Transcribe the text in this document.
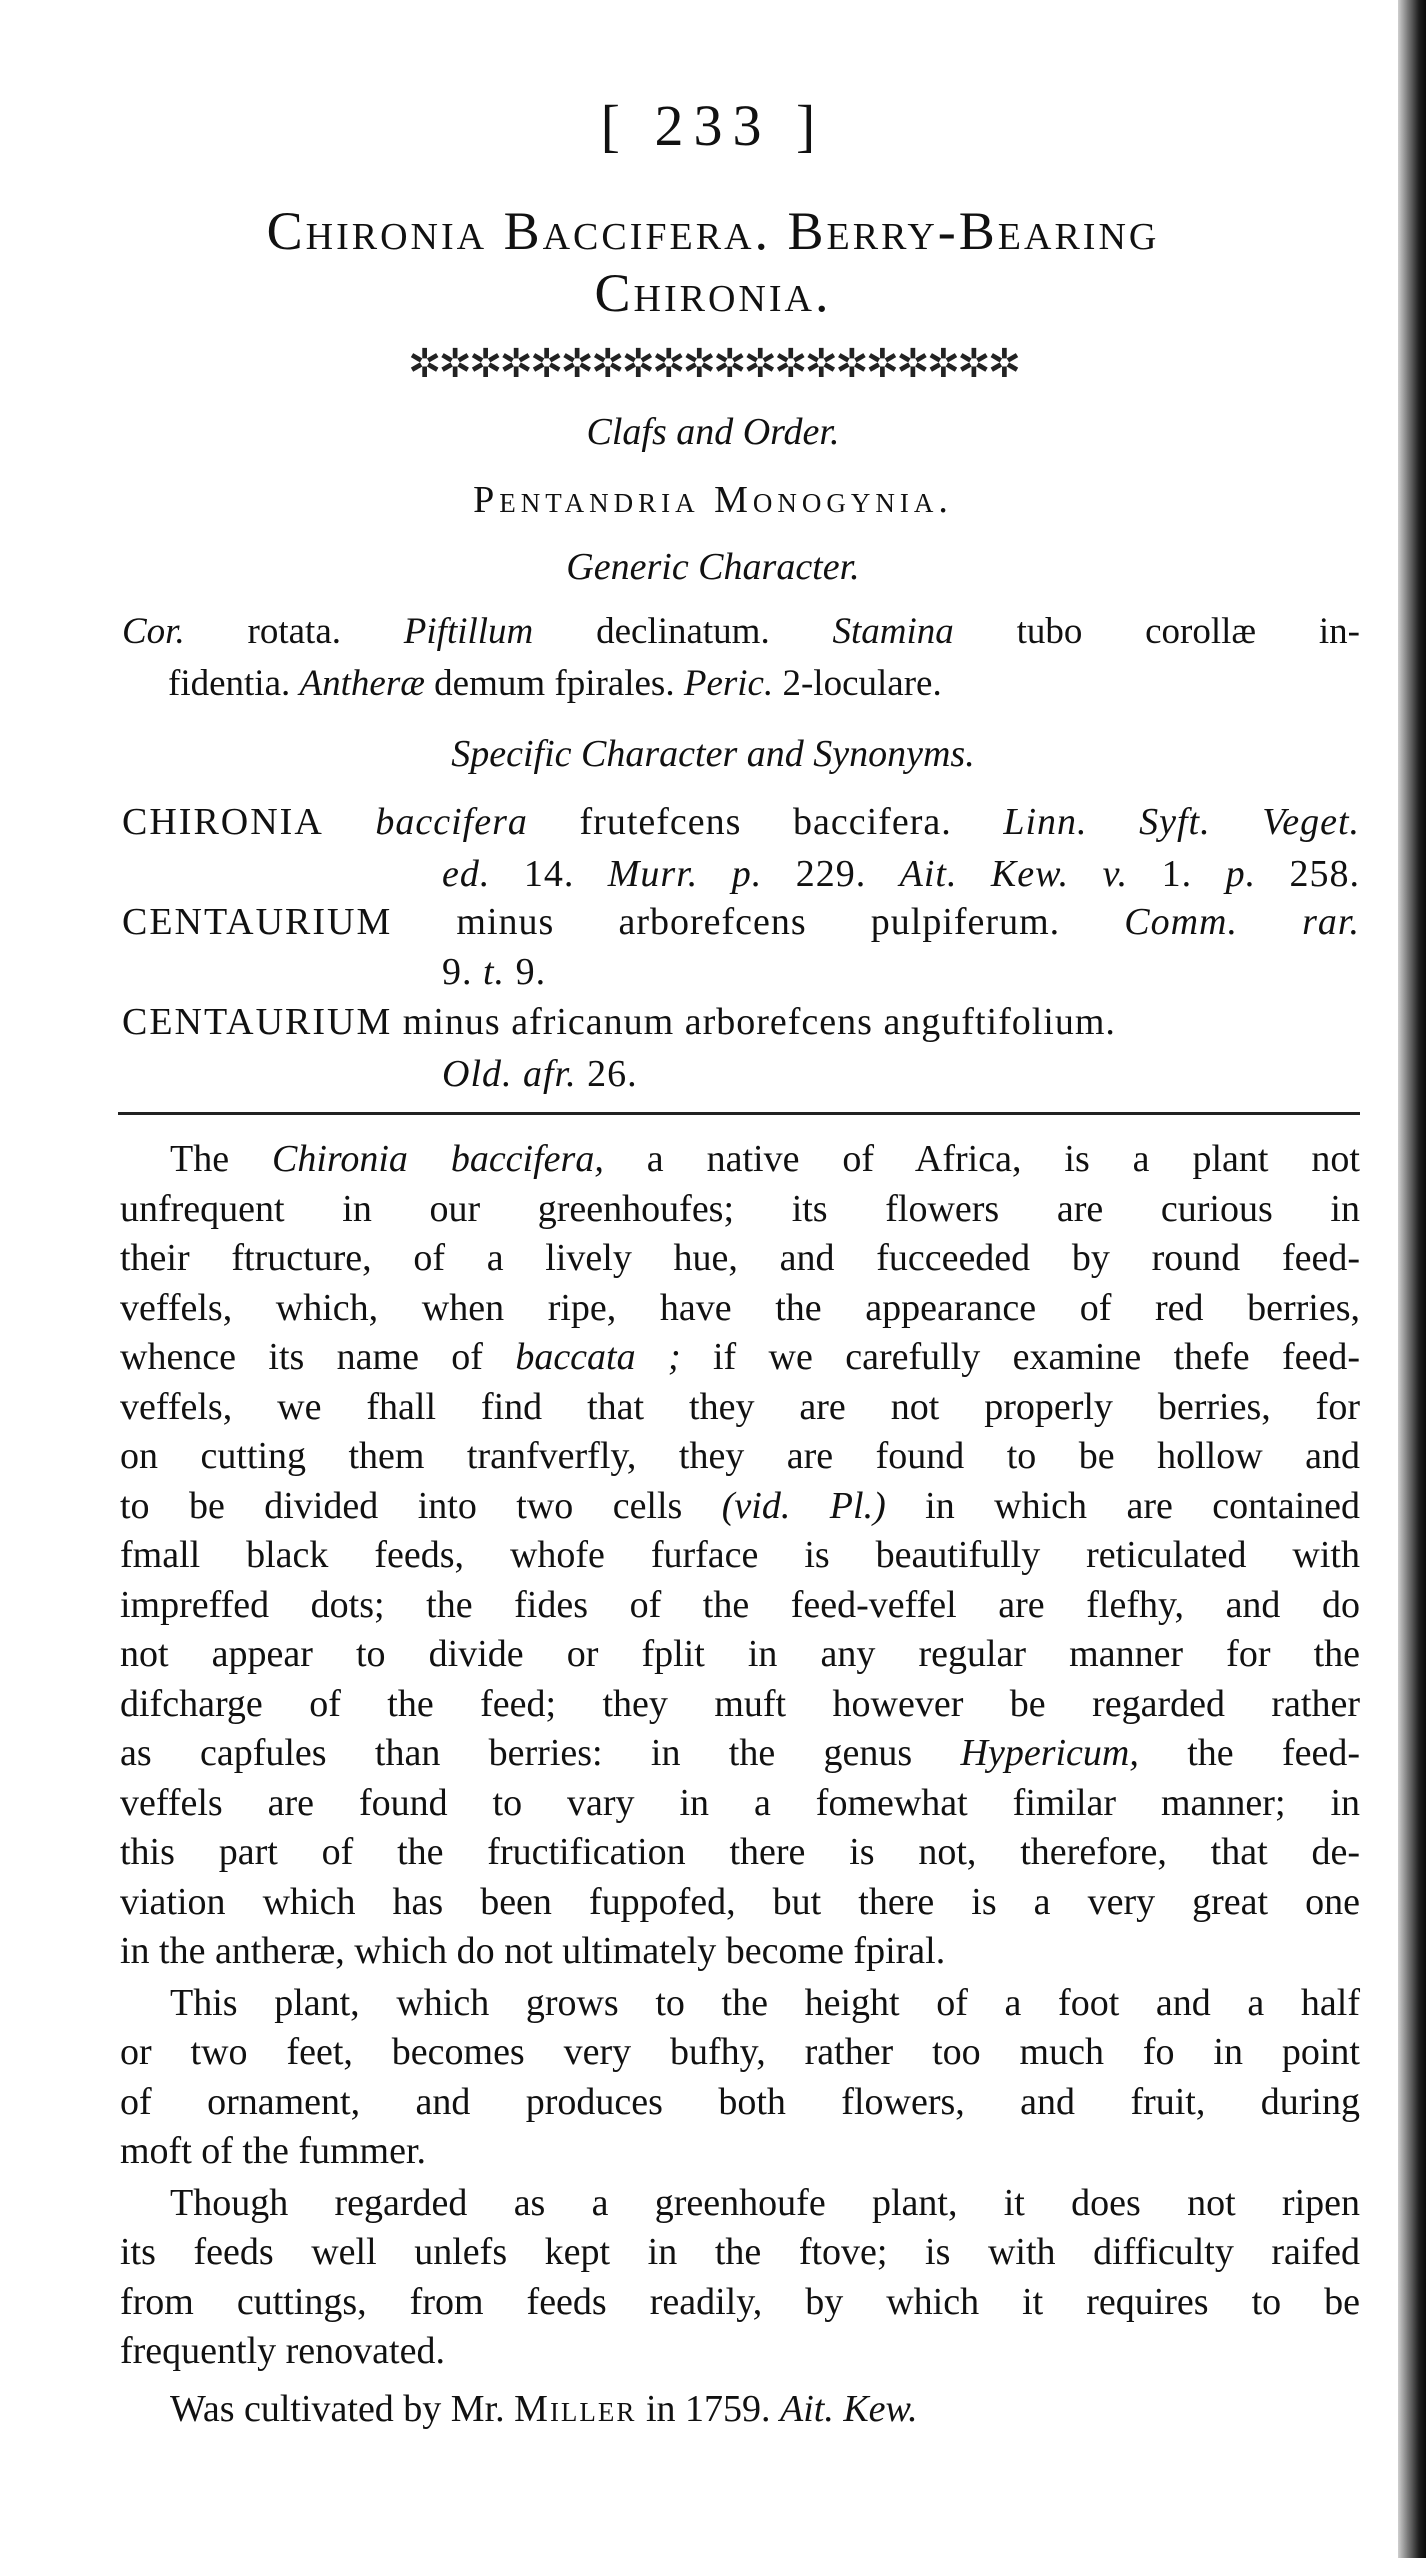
[ 233 ]
Chironia Baccifera. Berry-Bearing
Chironia.
✲✲✲✲✲✲✲✲✲✲✲✲✲✲✲✲✲✲✲✲
Clafs and Order.
Pentandria Monogynia.
Generic Character.
Cor. rotata. Piftillum declinatum. Stamina tubo corollæ in-
fidentia. Antheræ demum fpirales. Peric. 2-loculare.
Specific Character and Synonyms.
CHIRONIA baccifera frutefcens baccifera. Linn. Syft. Veget.
ed. 14. Murr. p. 229. Ait. Kew. v. 1. p. 258.
CENTAURIUM minus arborefcens pulpiferum. Comm. rar.
9. t. 9.
CENTAURIUM minus africanum arborefcens anguftifolium.
Old. afr. 26.
The Chironia baccifera, a native of Africa, is a plant not
unfrequent in our greenhoufes; its flowers are curious in
their ftructure, of a lively hue, and fucceeded by round feed-
veffels, which, when ripe, have the appearance of red berries,
whence its name of baccata ; if we carefully examine thefe feed-
veffels, we fhall find that they are not properly berries, for
on cutting them tranfverfly, they are found to be hollow and
to be divided into two cells (vid. Pl.) in which are contained
fmall black feeds, whofe furface is beautifully reticulated with
impreffed dots; the fides of the feed-veffel are flefhy, and do
not appear to divide or fplit in any regular manner for the
difcharge of the feed; they muft however be regarded rather
as capfules than berries: in the genus Hypericum, the feed-
veffels are found to vary in a fomewhat fimilar manner; in
this part of the fructification there is not, therefore, that de-
viation which has been fuppofed, but there is a very great one
in the antheræ, which do not ultimately become fpiral.
This plant, which grows to the height of a foot and a half
or two feet, becomes very bufhy, rather too much fo in point
of ornament, and produces both flowers, and fruit, during
moft of the fummer.
Though regarded as a greenhoufe plant, it does not ripen
its feeds well unlefs kept in the ftove; is with difficulty raifed
from cuttings, from feeds readily, by which it requires to be
frequently renovated.
Was cultivated by Mr. Miller in 1759. Ait. Kew.
